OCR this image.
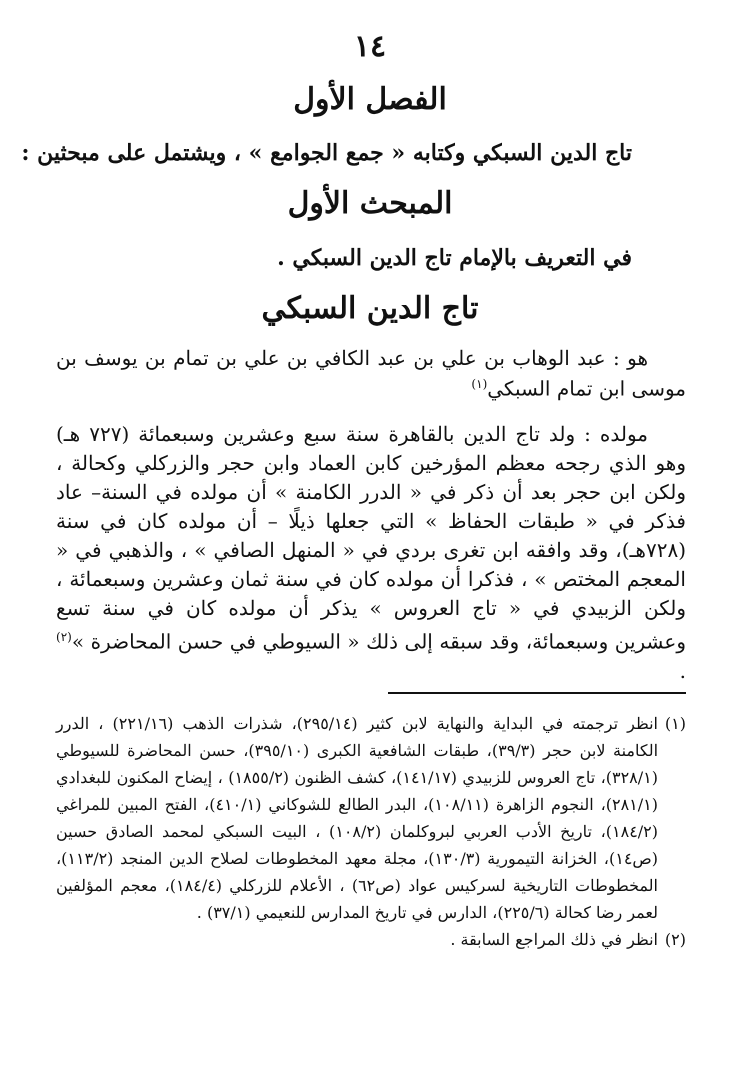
١٤
الفصل الأول
تاج الدين السبكي وكتابه « جمع الجوامع » ، ويشتمل على مبحثين :
المبحث الأول
في التعريف بالإمام تاج الدين السبكي .
تاج الدين السبكي
هو : عبد الوهاب بن علي بن عبد الكافي بن علي بن تمام بن يوسف بن موسى ابن تمام السبكي$^{(١)}$
مولده : ولد تاج الدين بالقاهرة سنة سبع وعشرين وسبعمائة (٧٢٧ هـ) وهو الذي رجحه معظم المؤرخين كابن العماد وابن حجر والزركلي وكحالة ، ولكن ابن حجر بعد أن ذكر في « الدرر الكامنة » أن مولده في السنة– عاد فذكر في « طبقات الحفاظ » التي جعلها ذيلًا – أن مولده كان في سنة (٧٢٨هـ)، وقد وافقه ابن تغرى بردي في « المنهل الصافي » ، والذهبي في « المعجم المختص » ، فذكرا أن مولده كان في سنة ثمان وعشرين وسبعمائة ، ولكن الزبيدي في « تاج العروس » يذكر أن مولده كان في سنة تسع وعشرين وسبعمائة، وقد سبقه إلى ذلك « السيوطي في حسن المحاضرة »$^{(٢)}$ .
(١)
انظر ترجمته في البداية والنهاية لابن كثير (٢٩٥/١٤)، شذرات الذهب (٢٢١/١٦) ، الدرر الكامنة لابن حجر (٣٩/٣)، طبقات الشافعية الكبرى (٣٩٥/١٠)، حسن المحاضرة للسيوطي (٣٢٨/١)، تاج العروس للزبيدي (١٤١/١٧)، كشف الظنون (١٨٥٥/٢) ، إيضاح المكنون للبغدادي (٢٨١/١)، النجوم الزاهرة (١٠٨/١١)، البدر الطالع للشوكاني (٤١٠/١)، الفتح المبين للمراغي (١٨٤/٢)، تاريخ الأدب العربي لبروكلمان (١٠٨/٢) ، البيت السبكي لمحمد الصادق حسين (ص١٤)، الخزانة التيمورية (١٣٠/٣)، مجلة معهد المخطوطات لصلاح الدين المنجد (١١٣/٢)، المخطوطات التاريخية لسركيس عواد (ص٦٢) ، الأعلام للزركلي (١٨٤/٤)، معجم المؤلفين لعمر رضا كحالة (٢٢٥/٦)، الدارس في تاريخ المدارس للنعيمي (٣٧/١) .
(٢)
انظر في ذلك المراجع السابقة .
